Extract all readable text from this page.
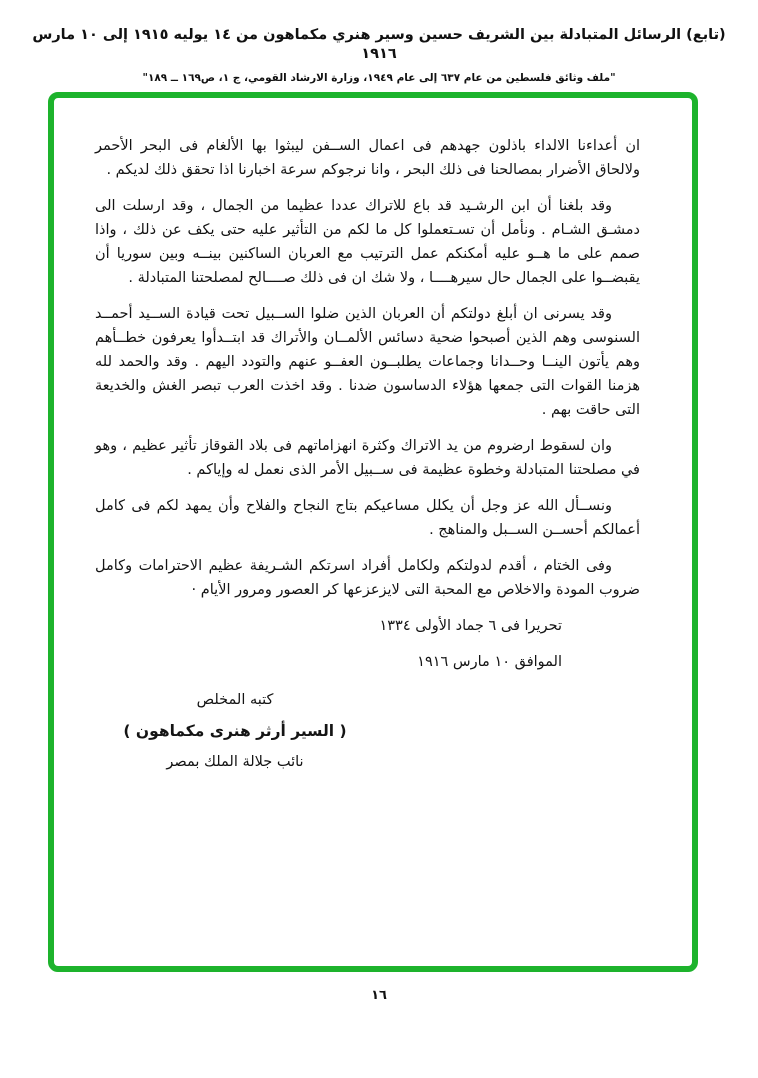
(تابع) الرسائل المتبادلة بين الشريف حسين وسير هنري مكماهون من ١٤ يوليه ١٩١٥ إلى ١٠ مارس ١٩١٦
"ملف وثائق فلسطين من عام ٦٣٧ إلى عام ١٩٤٩، وزارة الارشاد القومي، ج ١، ص١٦٩ ــ ١٨٩"

ان أعداءنا الالداء باذلون جهدهم فى اعمال الســفن ليبثوا بها الألغام فى البحر الأحمر ولالحاق الأضرار بمصالحنا فى ذلك البحر ، وانا نرجوكم سرعة اخبارنا اذا تحقق ذلك لديكم .

وقد بلغنا أن ابن الرشـيد قد باع للاتراك عددا عظيما من الجمال ، وقد ارسلت الى دمشـق الشـام . ونأمل أن تسـتعملوا كل ما لكم من التأثير عليه حتى يكف عن ذلك ، واذا صمم على ما هــو عليه أمكنكم عمل الترتيب مع العربان الساكنين بينــه وبين سوريا أن يقبضــوا على الجمال حال سيرهــــا ، ولا شك ان فى ذلك صــــالح لمصلحتنا المتبادلة .

وقد يسرنى ان أبلغ دولتكم أن العربان الذين ضلوا الســبيل تحت قيادة الســيد أحمــد السنوسى وهم الذين أصبحوا ضحية دسائس الألمــان والأتراك قد ابتــدأوا يعرفون خطــأهم وهم يأتون الينــا وحــدانا وجماعات يطلبــون العفــو عنهم والتودد اليهم . وقد والحمد لله هزمنا القوات التى جمعها هؤلاء الدساسون ضدنا . وقد اخذت العرب تبصر الغش والخديعة التى حاقت بهم .

وان لسقوط ارضروم من يد الاتراك وكثرة انهزاماتهم فى بلاد القوقاز تأثير عظيم ، وهو في مصلحتنا المتبادلة وخطوة عظيمة فى ســبيل الأمر الذى نعمل له وإياكم .

ونســأل الله عز وجل أن يكلل مساعيكم بتاج النجاح والفلاح وأن يمهد لكم فى كامل أعمالكم أحســن الســبل والمناهج .

وفى الختام ، أقدم لدولتكم ولكامل أفراد اسرتكم الشـريفة عظيم الاحترامات وكامل ضروب المودة والاخلاص مع المحبة التى لايزعزعها كر العصور ومرور الأيام ·

تحريرا فى ٦ جماد الأولى ١٣٣٤

الموافق ١٠ مارس ١٩١٦

كتبه المخلص

( السير أرثر هنرى مكماهون )

نائب جلالة الملك بمصر

١٦
